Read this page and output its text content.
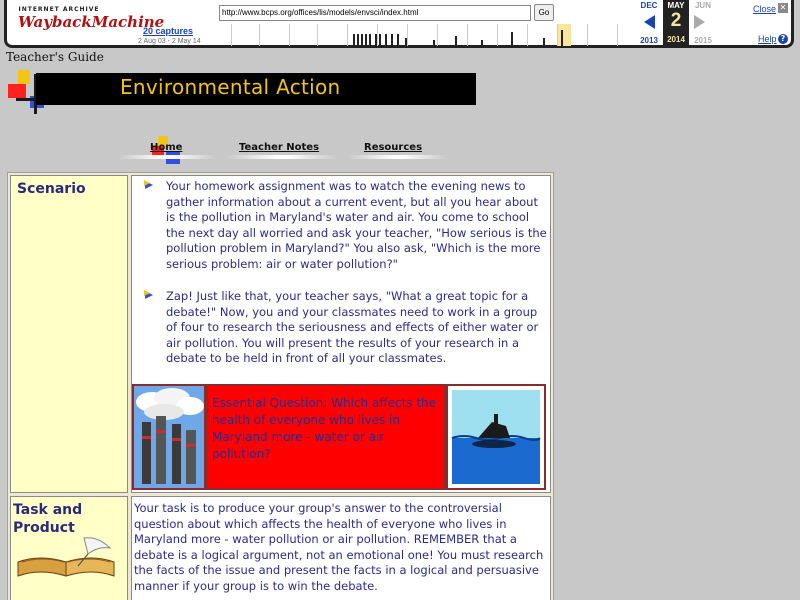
INTERNET ARCHIVE
WaybackMachine
http://www.bcps.org/offices/lis/models/envsci/index.html	Go
20 captures
2 Aug 03 - 2 May 14
DEC
2013
MAY
2
2014
JUN
2015
Close ✕
Help ?
Teacher's Guide
Environmental Action
Home	Teacher Notes	Resources
Scenario	Your homework assignment was to watch the evening news to gather information about a current event, but all you hear about is the pollution in Maryland's water and air. You come to school the next day all worried and ask your teacher, "How serious is the pollution problem in Maryland?" You also ask, "Which is the more serious problem: air or water pollution?"
Zap! Just like that, your teacher says, "What a great topic for a debate!" Now, you and your classmates need to work in a group of four to research the seriousness and effects of either water or air pollution. You will present the results of your research in a debate to be held in front of all your classmates.
Essential Question: Which affects the health of everyone who lives in Maryland more - water or air pollution?
Task and Product
Your task is to produce your group's answer to the controversial question about which affects the health of everyone who lives in Maryland more - water pollution or air pollution. REMEMBER that a debate is a logical argument, not an emotional one! You must research the facts of the issue and present the facts in a logical and persuasive manner if your group is to win the debate.
